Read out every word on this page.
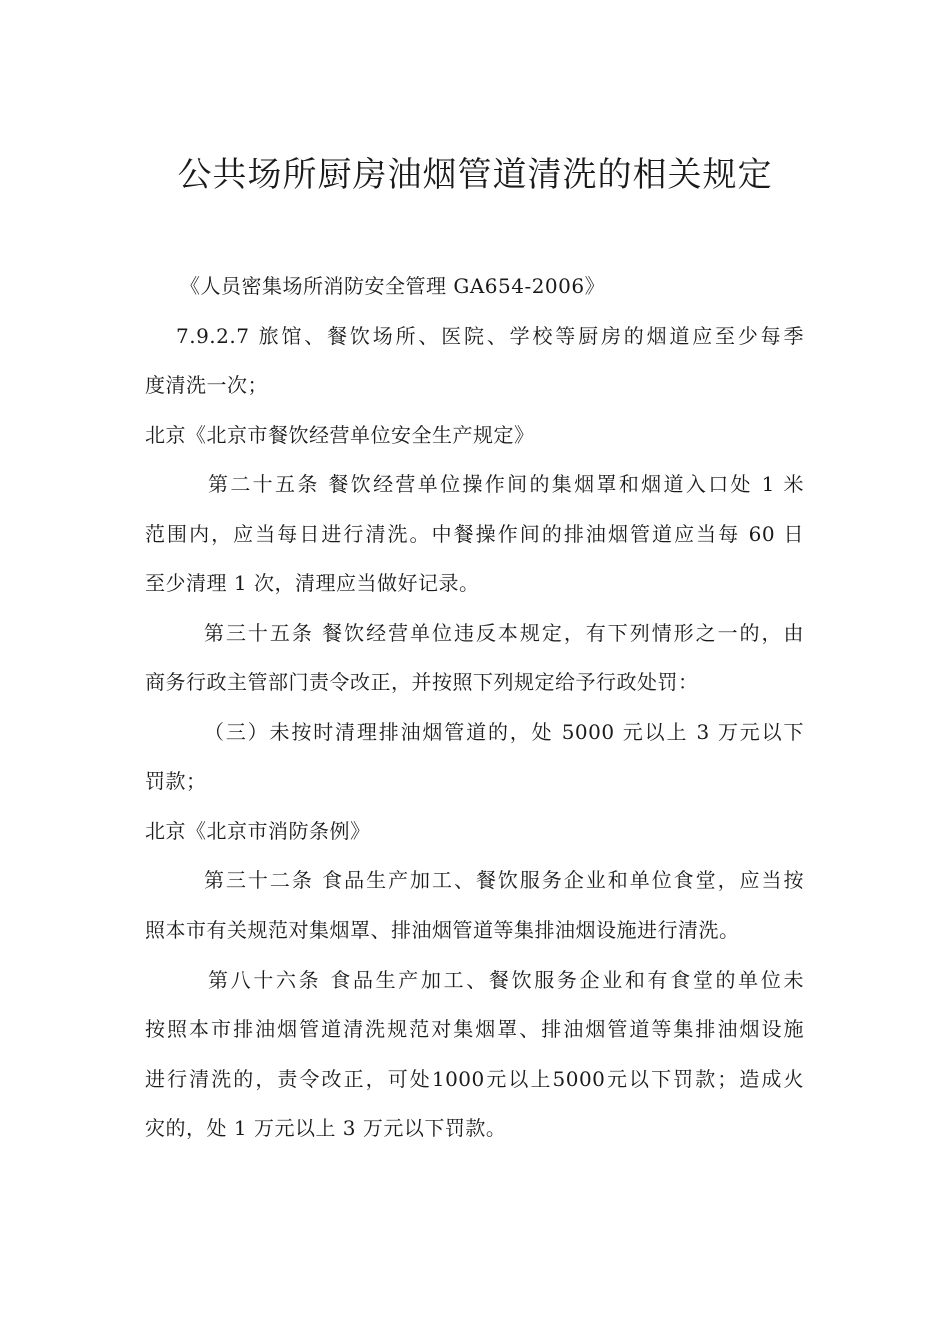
公共场所厨房油烟管道清洗的相关规定
《人员密集场所消防安全管理 GA654-2006》
7.9.2.7 旅馆、餐饮场所、医院、学校等厨房的烟道应至少每季
度清洗一次；
北京《北京市餐饮经营单位安全生产规定》
第二十五条 餐饮经营单位操作间的集烟罩和烟道入口处 1 米
范围内，应当每日进行清洗。中餐操作间的排油烟管道应当每 60 日
至少清理 1 次，清理应当做好记录。
第三十五条 餐饮经营单位违反本规定，有下列情形之一的，由
商务行政主管部门责令改正，并按照下列规定给予行政处罚：
（三）未按时清理排油烟管道的，处 5000 元以上 3 万元以下
罚款；
北京《北京市消防条例》
第三十二条 食品生产加工、餐饮服务企业和单位食堂，应当按
照本市有关规范对集烟罩、排油烟管道等集排油烟设施进行清洗。
第八十六条 食品生产加工、餐饮服务企业和有食堂的单位未
按照本市排油烟管道清洗规范对集烟罩、排油烟管道等集排油烟设施
进行清洗的，责令改正，可处1000元以上5000元以下罚款；造成火
灾的，处 1 万元以上 3 万元以下罚款。
